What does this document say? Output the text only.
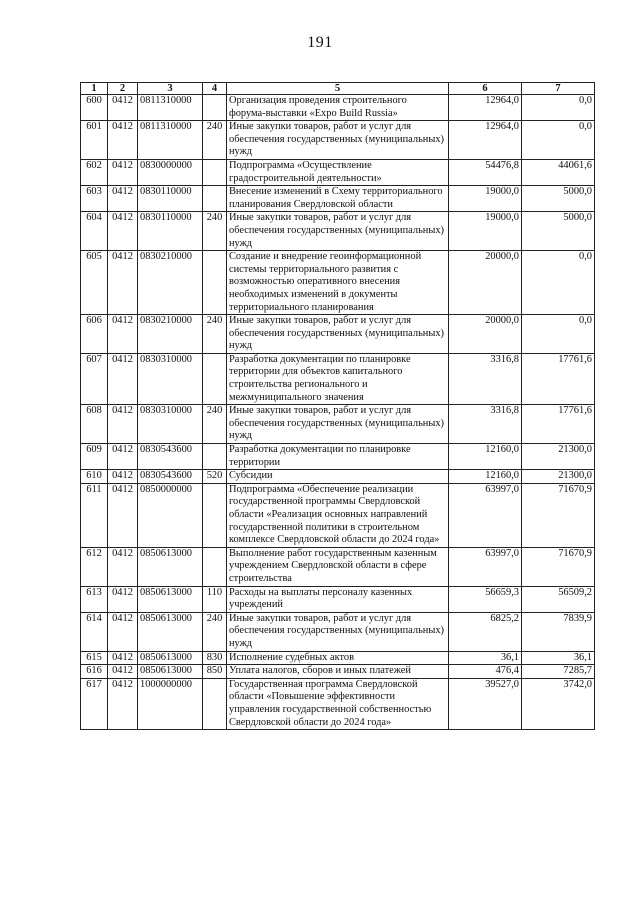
191
1	2	3	4	5	6	7
600	0412	0811310000		Организация проведения строительного форума-выставки «Expo Build Russia»	12964,0	0,0
601	0412	0811310000	240	Иные закупки товаров, работ и услуг для обеспечения государственных (муниципальных) нужд	12964,0	0,0
602	0412	0830000000		Подпрограмма «Осуществление градостроительной деятельности»	54476,8	44061,6
603	0412	0830110000		Внесение изменений в Схему территориального планирования Свердловской области	19000,0	5000,0
604	0412	0830110000	240	Иные закупки товаров, работ и услуг для обеспечения государственных (муниципальных) нужд	19000,0	5000,0
605	0412	0830210000		Создание и внедрение геоинформационной системы территориального развития с возможностью оперативного внесения необходимых изменений в документы территориального планирования	20000,0	0,0
606	0412	0830210000	240	Иные закупки товаров, работ и услуг для обеспечения государственных (муниципальных) нужд	20000,0	0,0
607	0412	0830310000		Разработка документации по планировке территории для объектов капитального строительства регионального и межмуниципального значения	3316,8	17761,6
608	0412	0830310000	240	Иные закупки товаров, работ и услуг для обеспечения государственных (муниципальных) нужд	3316,8	17761,6
609	0412	0830543600		Разработка документации по планировке территории	12160,0	21300,0
610	0412	0830543600	520	Субсидии	12160,0	21300,0
611	0412	0850000000		Подпрограмма «Обеспечение реализации государственной программы Свердловской области «Реализация основных направлений государственной политики в строительном комплексе Свердловской области до 2024 года»	63997,0	71670,9
612	0412	0850613000		Выполнение работ государственным казенным учреждением Свердловской области в сфере строительства	63997,0	71670,9
613	0412	0850613000	110	Расходы на выплаты персоналу казенных учреждений	56659,3	56509,2
614	0412	0850613000	240	Иные закупки товаров, работ и услуг для обеспечения государственных (муниципальных) нужд	6825,2	7839,9
615	0412	0850613000	830	Исполнение судебных актов	36,1	36,1
616	0412	0850613000	850	Уплата налогов, сборов и иных платежей	476,4	7285,7
617	0412	1000000000		Государственная программа Свердловской области «Повышение эффективности управления государственной собственностью Свердловской области до 2024 года»	39527,0	3742,0
